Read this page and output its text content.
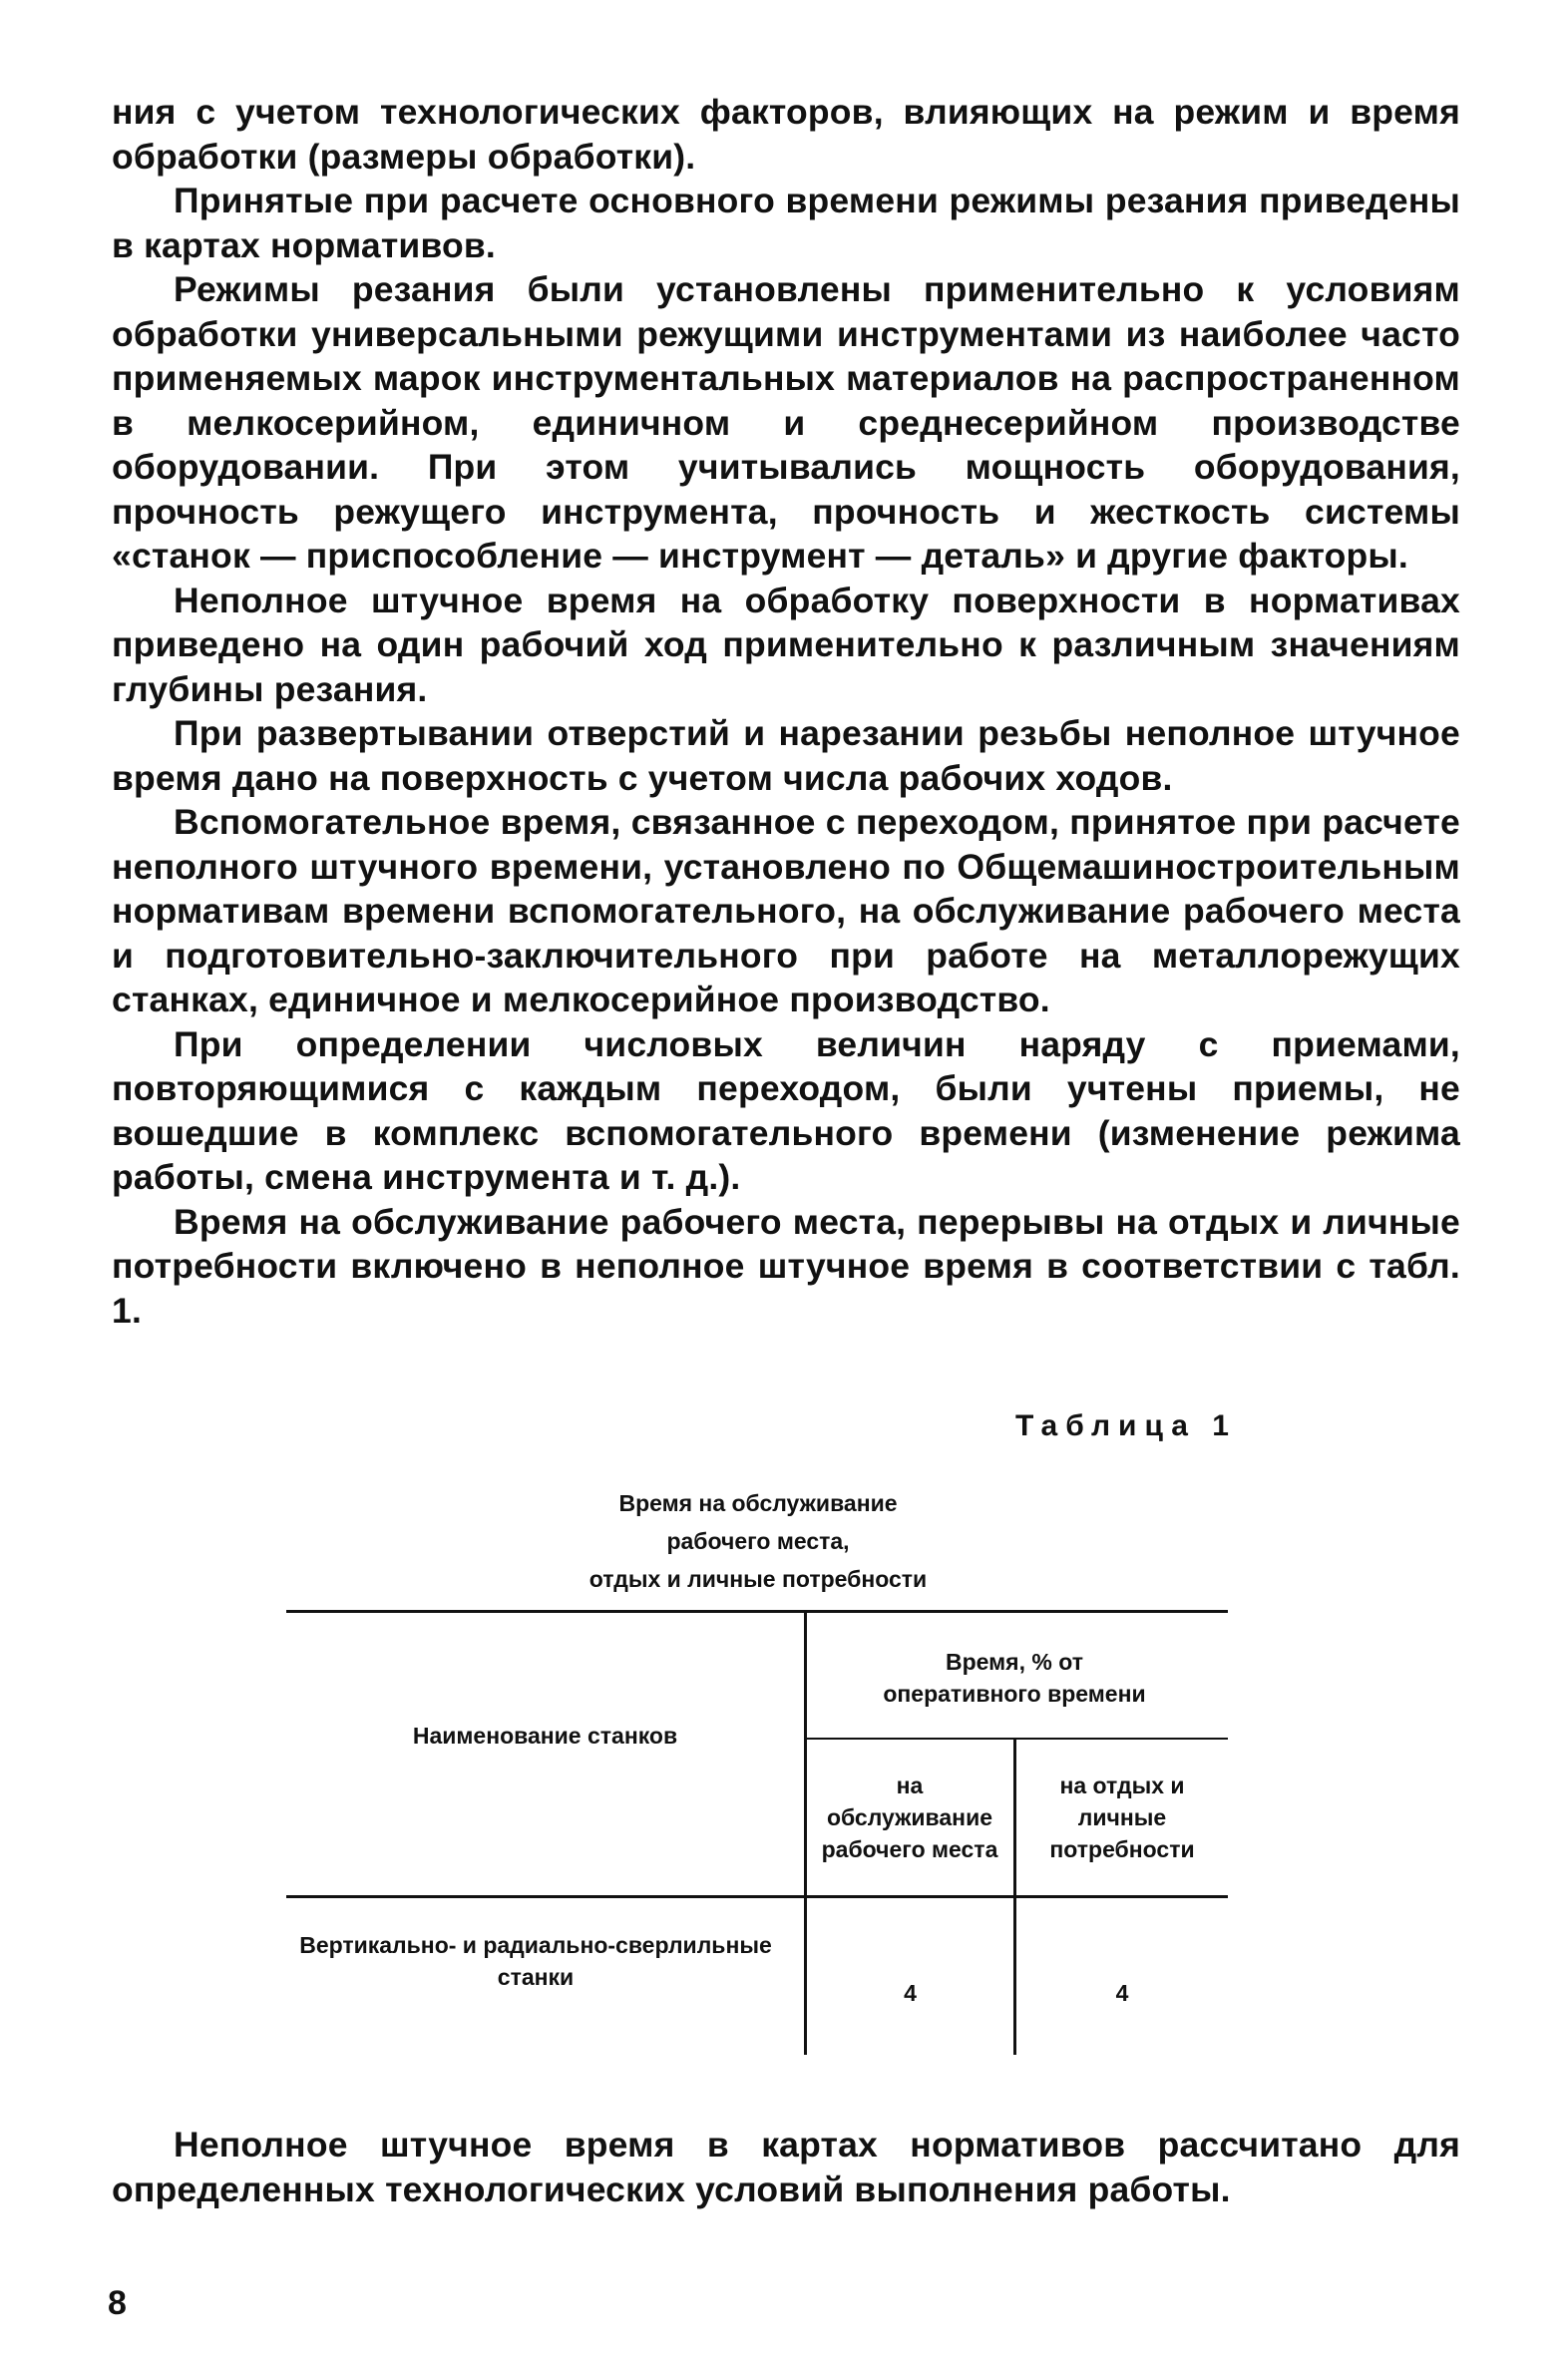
ния с учетом технологических факторов, влияющих на режим и время обработки (размеры обработки).

Принятые при расчете основного времени режимы резания приведены в картах нормативов.

Режимы резания были установлены применительно к условиям обработки универсальными режущими инструментами из наиболее часто применяемых марок инструментальных материалов на распространенном в мелкосерийном, единичном и среднесерийном производстве оборудовании. При этом учитывались мощность оборудования, прочность режущего инструмента, прочность и жесткость системы «станок — приспособление — инструмент — деталь» и другие факторы.

Неполное штучное время на обработку поверхности в нормативах приведено на один рабочий ход применительно к различным значениям глубины резания.

При развертывании отверстий и нарезании резьбы неполное штучное время дано на поверхность с учетом числа рабочих ходов.

Вспомогательное время, связанное с переходом, принятое при расчете неполного штучного времени, установлено по Общемашиностроительным нормативам времени вспомогательного, на обслуживание рабочего места и подготовительно-заключительного при работе на металлорежущих станках, единичное и мелкосерийное производство.

При определении числовых величин наряду с приемами, повторяющимися с каждым переходом, были учтены приемы, не вошедшие в комплекс вспомогательного времени (изменение режима работы, смена инструмента и т. д.).

Время на обслуживание рабочего места, перерывы на отдых и личные потребности включено в неполное штучное время в соответствии с табл. 1.

Таблица 1
Время на обслуживание
рабочего места,
отдых и личные потребности
Наименование станков
Время, % от оперативного времени
на обслуживание рабочего места
на отдых и личные потребности
Вертикально- и радиально-сверлильные станки
4	4

Неполное штучное время в картах нормативов рассчитано для определенных технологических условий выполнения работы.

8
